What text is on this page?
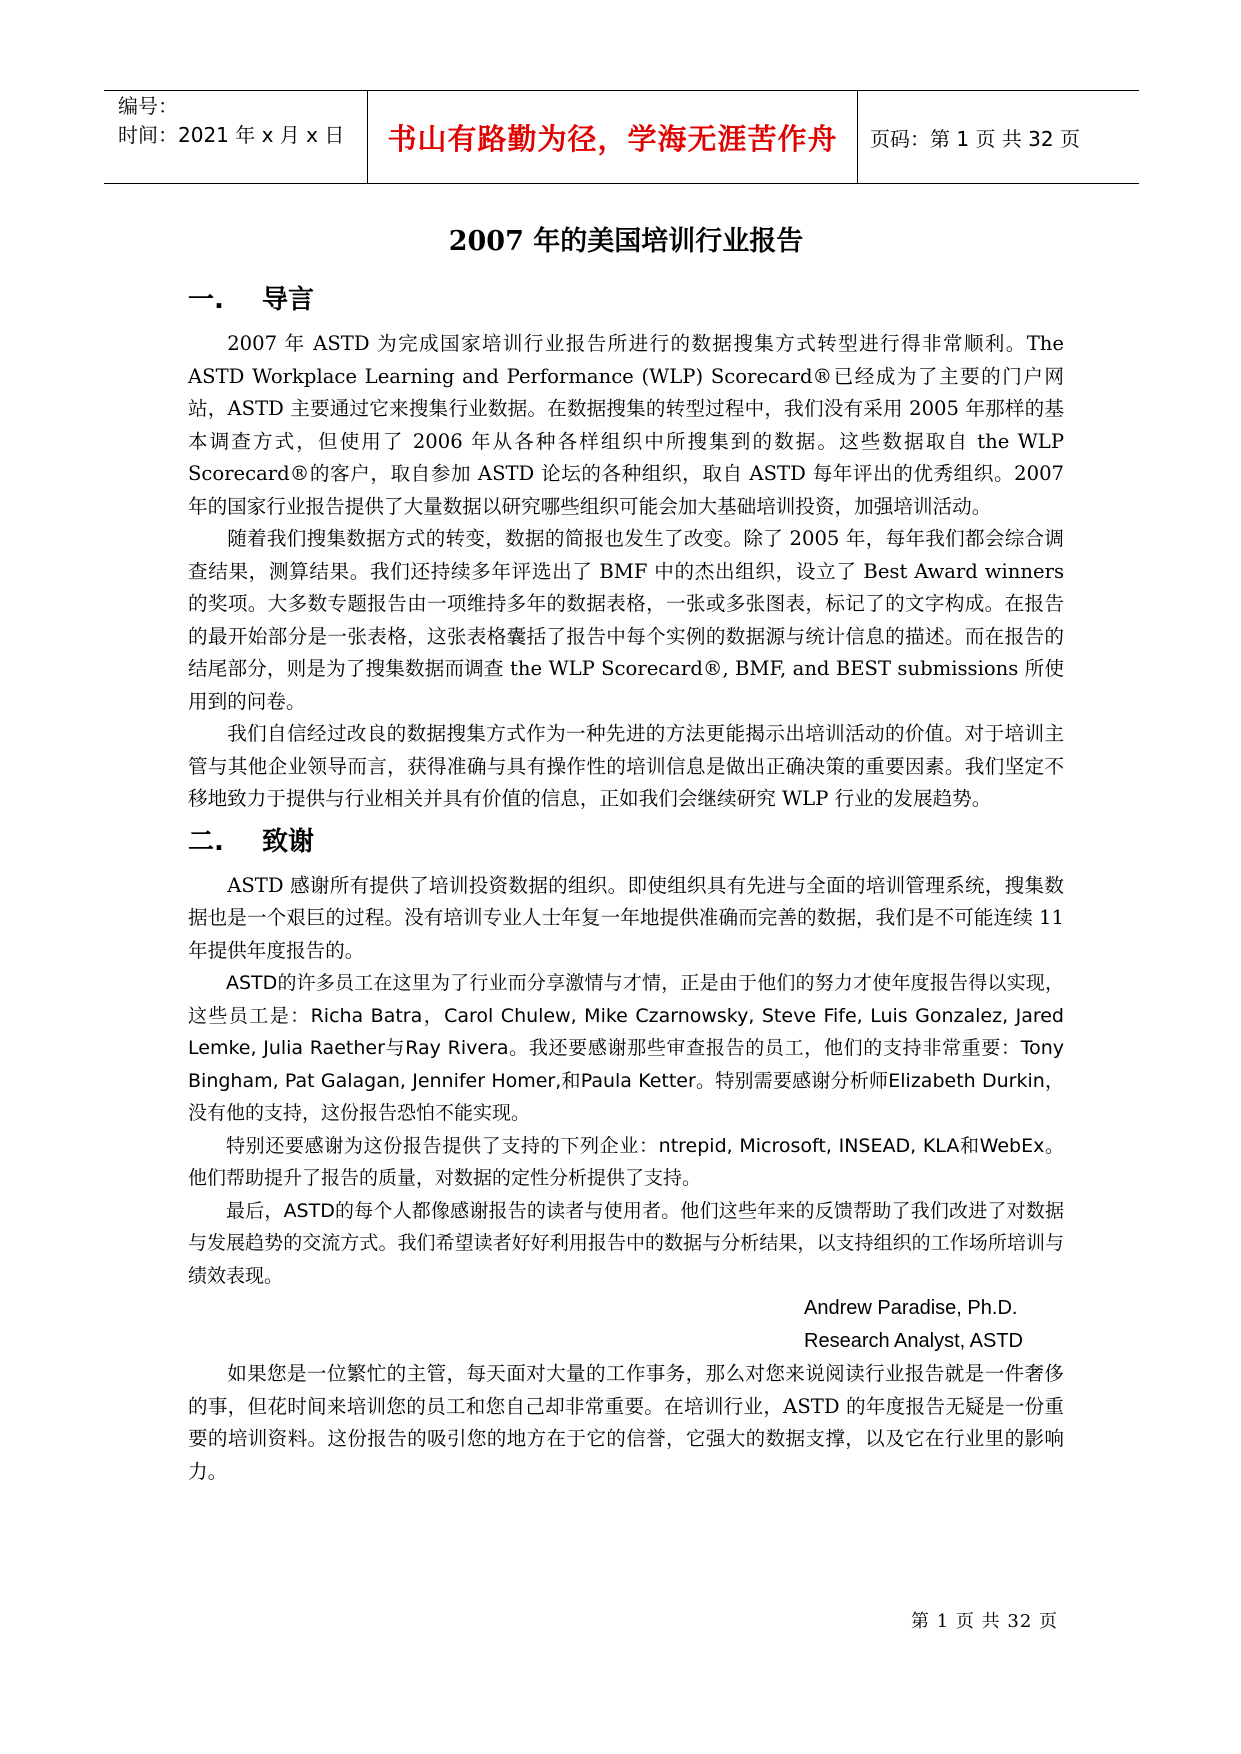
编号：
时间：2021 年 x 月 x 日	书山有路勤为径，学海无涯苦作舟 页码：第 1 页 共 32 页
2007 年的美国培训行业报告
一.	导言

2007 年 ASTD 为完成国家培训行业报告所进行的数据搜集方式转型进行得非常顺利。The ASTD Workplace Learning and Performance (WLP) Scorecard®已经成为了主要的门户网站，ASTD 主要通过它来搜集行业数据。在数据搜集的转型过程中，我们没有采用 2005 年那样的基本调查方式，但使用了 2006 年从各种各样组织中所搜集到的数据。这些数据取自 the WLP Scorecard®的客户，取自参加 ASTD 论坛的各种组织，取自 ASTD 每年评出的优秀组织。2007 年的国家行业报告提供了大量数据以研究哪些组织可能会加大基础培训投资，加强培训活动。

随着我们搜集数据方式的转变，数据的简报也发生了改变。除了 2005 年，每年我们都会综合调查结果，测算结果。我们还持续多年评选出了 BMF 中的杰出组织，设立了 Best Award winners 的奖项。大多数专题报告由一项维持多年的数据表格，一张或多张图表，标记了的文字构成。在报告的最开始部分是一张表格，这张表格囊括了报告中每个实例的数据源与统计信息的描述。而在报告的结尾部分，则是为了搜集数据而调查 the WLP Scorecard®, BMF, and BEST submissions 所使用到的问卷。

我们自信经过改良的数据搜集方式作为一种先进的方法更能揭示出培训活动的价值。对于培训主管与其他企业领导而言，获得准确与具有操作性的培训信息是做出正确决策的重要因素。我们坚定不移地致力于提供与行业相关并具有价值的信息，正如我们会继续研究 WLP 行业的发展趋势。

二.	致谢

ASTD 感谢所有提供了培训投资数据的组织。即使组织具有先进与全面的培训管理系统，搜集数据也是一个艰巨的过程。没有培训专业人士年复一年地提供准确而完善的数据，我们是不可能连续 11 年提供年度报告的。

ASTD的许多员工在这里为了行业而分享激情与才情，正是由于他们的努力才使年度报告得以实现，这些员工是：Richa Batra，Carol Chulew, Mike Czarnowsky, Steve Fife, Luis Gonzalez, Jared Lemke, Julia Raether与Ray Rivera。我还要感谢那些审查报告的员工，他们的支持非常重要：Tony Bingham, Pat Galagan, Jennifer Homer,和Paula Ketter。特别需要感谢分析师Elizabeth Durkin，没有他的支持，这份报告恐怕不能实现。

特别还要感谢为这份报告提供了支持的下列企业：ntrepid, Microsoft, INSEAD, KLA和WebEx。他们帮助提升了报告的质量，对数据的定性分析提供了支持。

最后，ASTD的每个人都像感谢报告的读者与使用者。他们这些年来的反馈帮助了我们改进了对数据与发展趋势的交流方式。我们希望读者好好利用报告中的数据与分析结果，以支持组织的工作场所培训与绩效表现。

Andrew Paradise, Ph.D.
Research Analyst, ASTD

如果您是一位繁忙的主管，每天面对大量的工作事务，那么对您来说阅读行业报告就是一件奢侈的事，但花时间来培训您的员工和您自己却非常重要。在培训行业，ASTD 的年度报告无疑是一份重要的培训资料。这份报告的吸引您的地方在于它的信誉，它强大的数据支撑，以及它在行业里的影响力。

第 1 页 共 32 页
